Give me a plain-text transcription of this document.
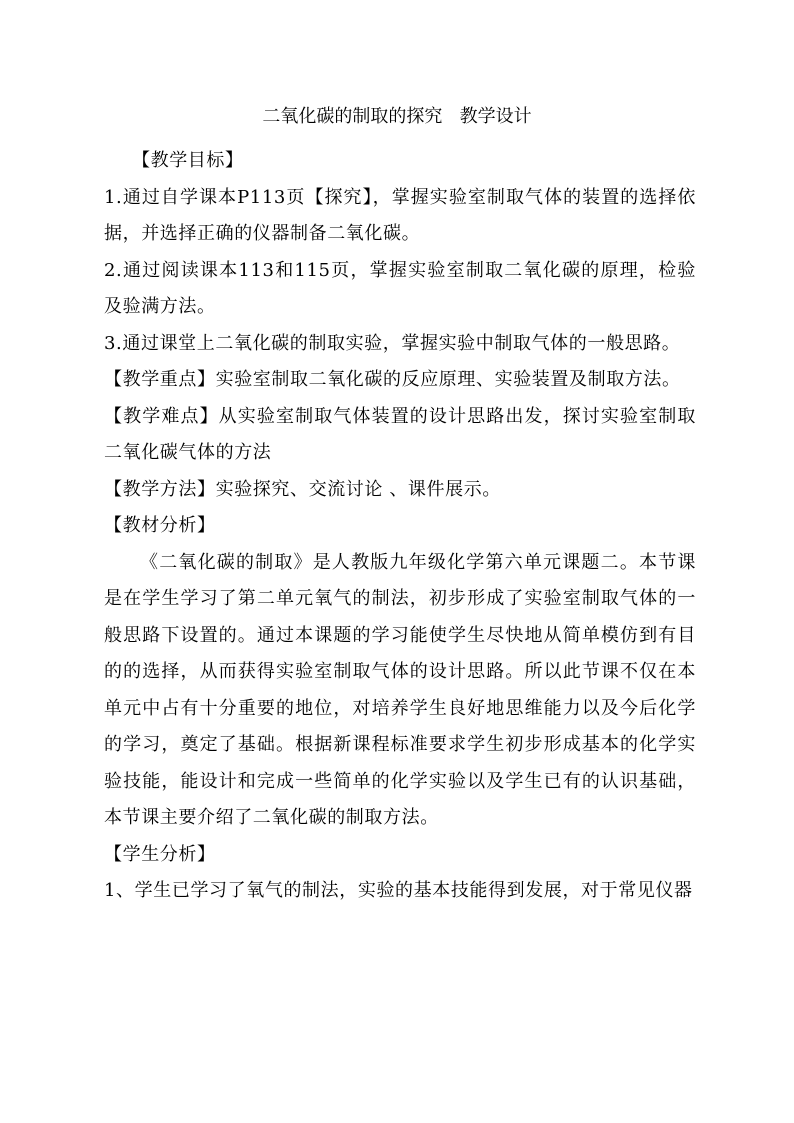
二氧化碳的制取的探究   教学设计

【教学目标】

1.通过自学课本P113页【探究】，掌握实验室制取气体的装置的选择依据，并选择正确的仪器制备二氧化碳。

2.通过阅读课本113和115页，掌握实验室制取二氧化碳的原理，检验及验满方法。

3.通过课堂上二氧化碳的制取实验，掌握实验中制取气体的一般思路。

【教学重点】实验室制取二氧化碳的反应原理、实验装置及制取方法。

【教学难点】从实验室制取气体装置的设计思路出发，探讨实验室制取二氧化碳气体的方法

【教学方法】实验探究、交流讨论 、课件展示。

【教材分析】

《二氧化碳的制取》是人教版九年级化学第六单元课题二。本节课是在学生学习了第二单元氧气的制法，初步形成了实验室制取气体的一般思路下设置的。通过本课题的学习能使学生尽快地从简单模仿到有目的的选择，从而获得实验室制取气体的设计思路。所以此节课不仅在本单元中占有十分重要的地位，对培养学生良好地思维能力以及今后化学的学习，奠定了基础。根据新课程标准要求学生初步形成基本的化学实验技能，能设计和完成一些简单的化学实验以及学生已有的认识基础，本节课主要介绍了二氧化碳的制取方法。

【学生分析】

1、学生已学习了氧气的制法，实验的基本技能得到发展，对于常见仪器
